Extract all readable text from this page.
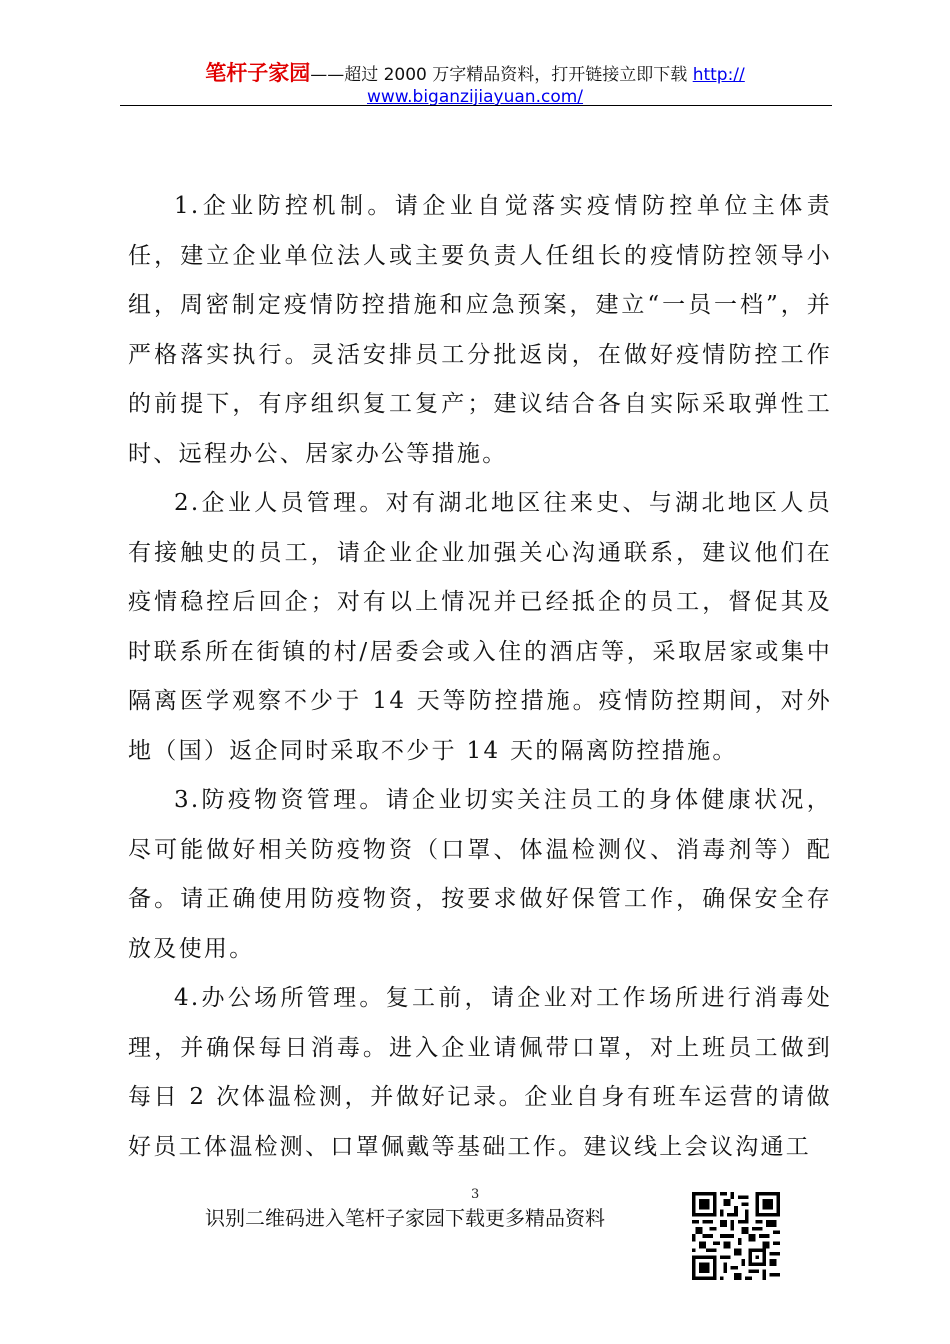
笔杆子家园——超过 2000 万字精品资料，打开链接立即下载 http://
www.biganzijiayuan.com/

1.企业防控机制。请企业自觉落实疫情防控单位主体责任，建立企业单位法人或主要负责人任组长的疫情防控领导小组，周密制定疫情防控措施和应急预案，建立“一员一档”，并严格落实执行。灵活安排员工分批返岗，在做好疫情防控工作的前提下，有序组织复工复产；建议结合各自实际采取弹性工时、远程办公、居家办公等措施。

2.企业人员管理。对有湖北地区往来史、与湖北地区人员有接触史的员工，请企业企业加强关心沟通联系，建议他们在疫情稳控后回企；对有以上情况并已经抵企的员工，督促其及时联系所在街镇的村/居委会或入住的酒店等，采取居家或集中隔离医学观察不少于 14 天等防控措施。疫情防控期间，对外地（国）返企同时采取不少于 14 天的隔离防控措施。

3.防疫物资管理。请企业切实关注员工的身体健康状况，尽可能做好相关防疫物资（口罩、体温检测仪、消毒剂等）配备。请正确使用防疫物资，按要求做好保管工作，确保安全存放及使用。

4.办公场所管理。复工前，请企业对工作场所进行消毒处理，并确保每日消毒。进入企业请佩带口罩，对上班员工做到每日 2 次体温检测，并做好记录。企业自身有班车运营的请做好员工体温检测、口罩佩戴等基础工作。建议线上会议沟通工

3
识别二维码进入笔杆子家园下载更多精品资料
